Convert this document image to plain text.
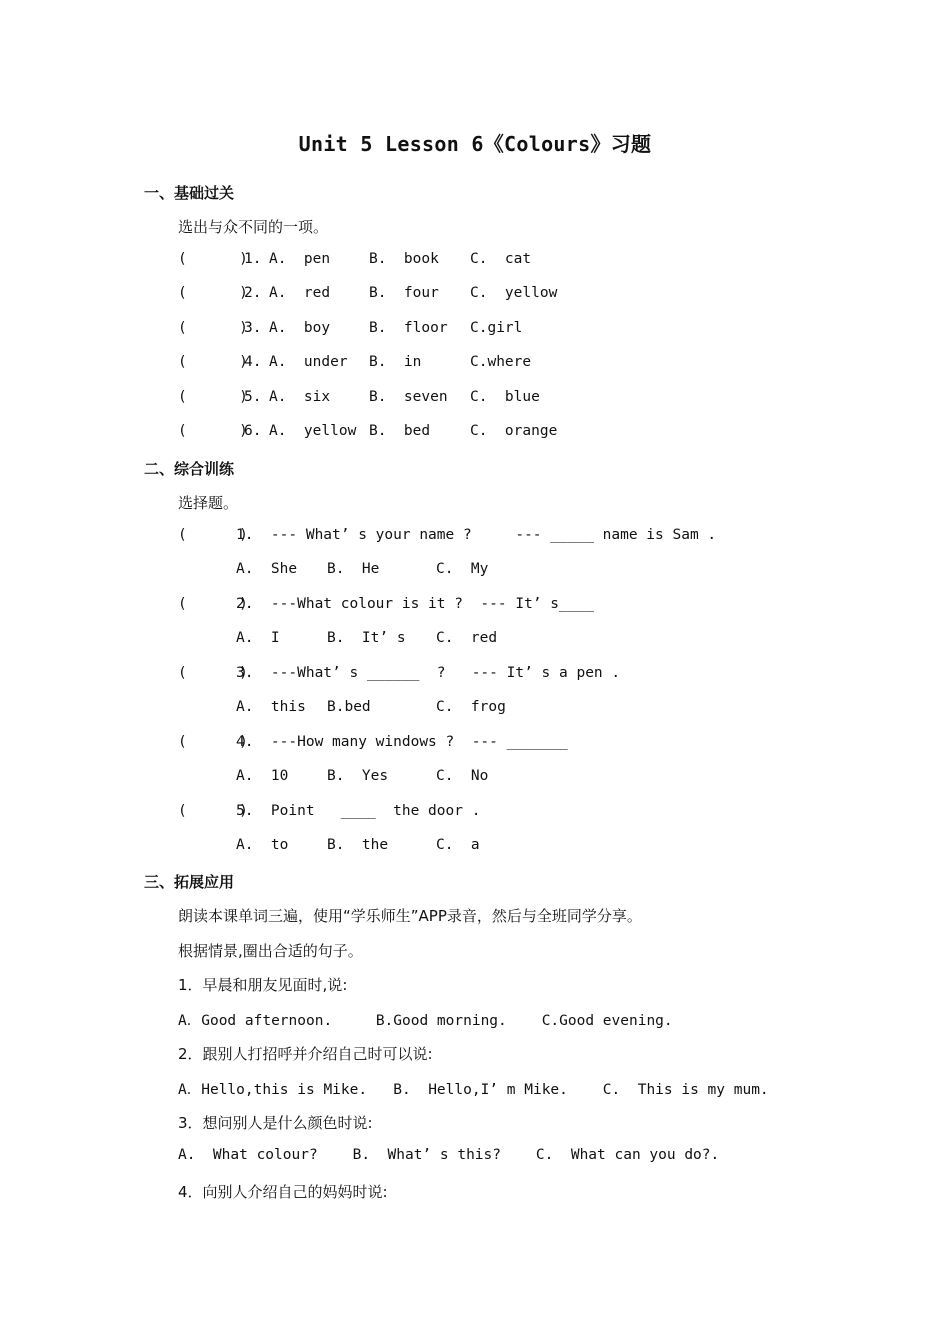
Unit 5 Lesson 6《Colours》习题
一、基础过关
选出与众不同的一项。
(      )
1. A.  pen	B.  book C.  cat
(      )
2. A.  red	B.  four C.  yellow
(      )
3. A.  boy	B.  floor C.girl
(      )
4. A.  under B.  in	C.where
(      )
5. A.  six	B.  seven C.  blue
(      )
6. A.  yellow B.  bed	C.  orange
二、综合训练
选择题。
(      )
1.  --- What’ s your name ?     --- _____ name is Sam .
A.  She B.  He	C.  My
(      )
2.  ---What colour is it ?  --- It’ s____
A.  I	B.  It’ s C.  red
(      )
3.  ---What’ s ______  ?   --- It’ s a pen .
A.  this B.bed	C.  frog
(      )
4.  ---How many windows ?  --- _______
A.  10	B.  Yes	C.  No
(      )
5.  Point   ____  the door .
A.  to	B.  the	C.  a
三、拓展应用
朗读本课单词三遍，使用“学乐师生”APP录音，然后与全班同学分享。
根据情景,圈出合适的句子。
1．早晨和朋友见面时,说:
A．Good afternoon.     B.Good morning.    C.Good evening.
2．跟别人打招呼并介绍自己时可以说:
A．Hello,this is Mike.   B.  Hello,I’ m Mike.    C.  This is my mum.
3．想问别人是什么颜色时说:
A.  What colour?    B.  What’ s this?    C.  What can you do?.
4．向别人介绍自己的妈妈时说:
